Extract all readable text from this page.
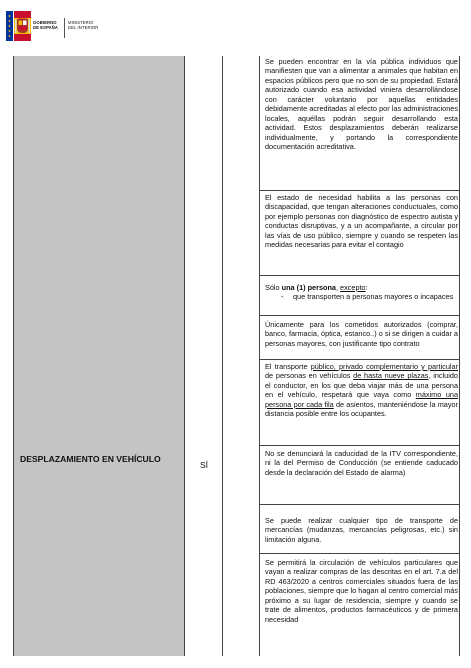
GOBIERNO
DE ESPAÑA
MINISTERIO
DEL INTERIOR
DESPLAZAMIENTO EN VEHÍCULO
SÍ
Se pueden encontrar en la vía pública individuos que manifiesten que van a alimentar a animales que habitan en espacios públicos pero que no son de su propiedad. Estará autorizado cuando esa actividad viniera desarrollándose con carácter voluntario por aquellas entidades debidamente acreditadas al efecto por las administraciones locales, aquéllas podrán seguir desarrollando esta actividad. Estos desplazamientos deberán realizarse individualmente, y portando la correspondiente documentación acreditativa.
El estado de necesidad habilita a las personas con discapacidad, que tengan alteraciones conductuales, como por ejemplo personas con diagnóstico de espectro autista y conductas disruptivas, y a un acompañante, a circular por las vías de uso público, siempre y cuando se respeten las medidas necesarias para evitar el contagio
Sólo una (1) persona, excepto:
- que transporten a personas mayores o incapaces
Únicamente para los cometidos autorizados (comprar, banco, farmacia, óptica, estanco..) o si se dirigen a cuidar a personas mayores, con justificante tipo contrato
El transporte público, privado complementario y particular de personas en vehículos de hasta nueve plazas, incluido el conductor, en los que deba viajar más de una persona en el vehículo, respetará que vaya como máximo una persona por cada fila de asientos, manteniéndose la mayor distancia posible entre los ocupantes.
No se denunciará la caducidad de la ITV correspondiente, ni la del Permiso de Conducción (se entiende caducado desde la declaración del Estado de alarma)
Se puede realizar cualquier tipo de transporte de mercancías (mudanzas, mercancías peligrosas, etc.) sin limitación alguna.
Se permitirá la circulación de vehículos particulares que vayan a realizar compras de las descritas en el art. 7.a del RD 463/2020 a centros comerciales situados fuera de las poblaciones, siempre que lo hagan al centro comercial más próximo a su lugar de residencia, siempre y cuando se trate de alimentos, productos farmacéuticos y de primera necesidad
